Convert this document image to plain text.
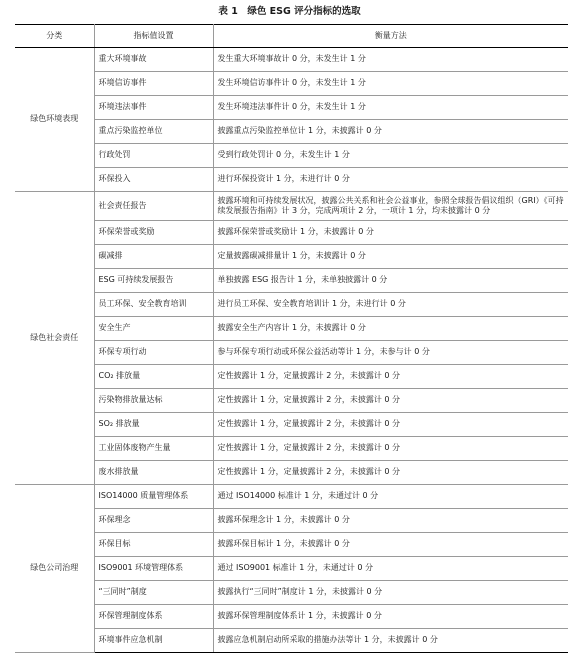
表 1　绿色 ESG 评分指标的选取
分类	指标值设置	衡量方法
绿色环境表现	重大环境事故	发生重大环境事故计 0 分，未发生计 1 分
	环境信访事件	发生环境信访事件计 0 分，未发生计 1 分
	环境违法事件	发生环境违法事件计 0 分，未发生计 1 分
	重点污染监控单位	披露重点污染监控单位计 1 分，未披露计 0 分
	行政处罚	受到行政处罚计 0 分，未发生计 1 分
	环保投入	进行环保投资计 1 分，未进行计 0 分
绿色社会责任	社会责任报告	披露环境和可持续发展状况，披露公共关系和社会公益事业，参照全球报告倡议组织（GRI）《可持续发展报告指南》计 3 分，完成两项计 2 分，一项计 1 分，均未披露计 0 分
	环保荣誉或奖励	披露环保荣誉或奖励计 1 分，未披露计 0 分
	碳减排	定量披露碳减排量计 1 分，未披露计 0 分
	ESG 可持续发展报告	单独披露 ESG 报告计 1 分，未单独披露计 0 分
	员工环保、安全教育培训	进行员工环保、安全教育培训计 1 分，未进行计 0 分
	安全生产	披露安全生产内容计 1 分，未披露计 0 分
	环保专项行动	参与环保专项行动或环保公益活动等计 1 分，未参与计 0 分
	CO₂ 排放量	定性披露计 1 分，定量披露计 2 分，未披露计 0 分
	污染物排放量达标	定性披露计 1 分，定量披露计 2 分，未披露计 0 分
	SO₂ 排放量	定性披露计 1 分，定量披露计 2 分，未披露计 0 分
	工业固体废物产生量	定性披露计 1 分，定量披露计 2 分，未披露计 0 分
	废水排放量	定性披露计 1 分，定量披露计 2 分，未披露计 0 分
绿色公司治理	ISO14000 质量管理体系	通过 ISO14000 标准计 1 分，未通过计 0 分
	环保理念	披露环保理念计 1 分，未披露计 0 分
	环保目标	披露环保目标计 1 分，未披露计 0 分
	ISO9001 环境管理体系	通过 ISO9001 标准计 1 分，未通过计 0 分
	“三同时”制度	披露执行“三同时”制度计 1 分，未披露计 0 分
	环保管理制度体系	披露环保管理制度体系计 1 分，未披露计 0 分
	环境事件应急机制	披露应急机制启动所采取的措施办法等计 1 分，未披露计 0 分
